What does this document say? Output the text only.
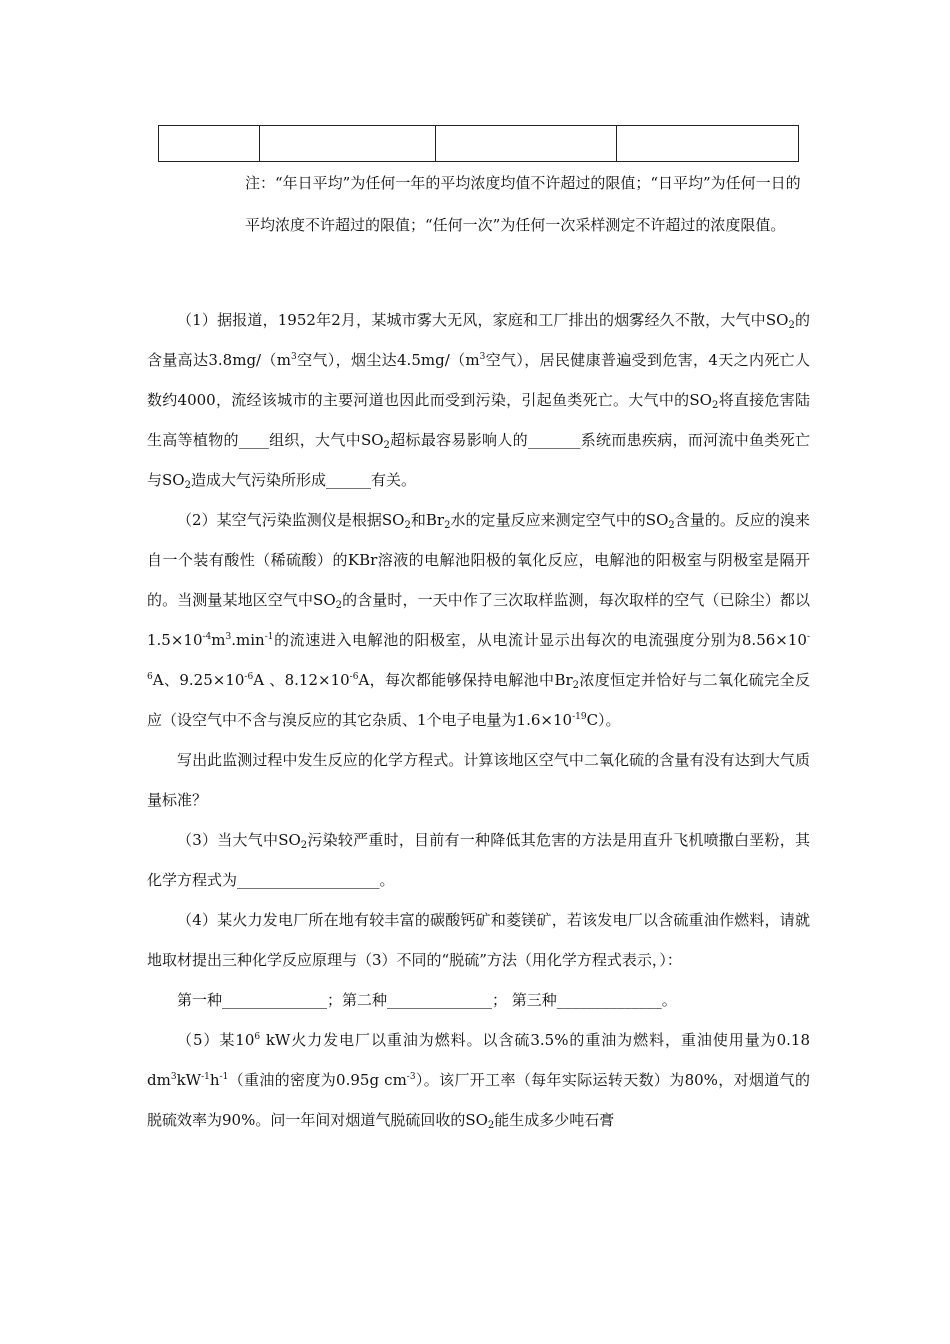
注：“年日平均”为任何一年的平均浓度均值不许超过的限值；“日平均”为任何一日的平均浓度不许超过的限值；“任何一次”为任何一次采样测定不许超过的浓度限值。

（1）据报道，1952年2月，某城市雾大无风，家庭和工厂排出的烟雾经久不散，大气中$SO_2$的含量高达$3.8mg/(m^3$空气），烟尘达$4.5mg/(m^3$空气），居民健康普遍受到危害，4天之内死亡人数约4000，流经该城市的主要河道也因此而受到污染，引起鱼类死亡。大气中的$SO_2$将直接危害陆生高等植物的____组织，大气中$SO_2$超标最容易影响人的_______系统而患疾病，而河流中鱼类死亡与$SO_2$造成大气污染所形成______有关。

（2）某空气污染监测仪是根据$SO_2$和$Br_2$水的定量反应来测定空气中的$SO_2$含量的。反应的溴来自一个装有酸性（稀硫酸）的KBr溶液的电解池阳极的氧化反应，电解池的阳极室与阴极室是隔开的。当测量某地区空气中$SO_2$的含量时，一天中作了三次取样监测，每次取样的空气（已除尘）都以$1.5\times 10^{-4}m^3.\min^{-1}$的流速进入电解池的阳极室，从电流计显示出每次的电流强度分别为$8.56\times 10^{-6}A$、$9.25\times 10^{-6}A$ 、$8.12\times 10^{-6}A$，每次都能够保持电解池中$Br_2$浓度恒定并恰好与二氧化硫完全反应（设空气中不含与溴反应的其它杂质、1个电子电量为$1.6\times 10^{-19}C$）。

写出此监测过程中发生反应的化学方程式。计算该地区空气中二氧化硫的含量有没有达到大气质量标准？

（3）当大气中$SO_2$污染较严重时，目前有一种降低其危害的方法是用直升飞机喷撒白垩粉，其化学方程式为___________________。

（4）某火力发电厂所在地有较丰富的碳酸钙矿和菱镁矿，若该发电厂以含硫重油作燃料，请就地取材提出三种化学反应原理与（3）不同的“脱硫”方法（用化学方程式表示，）：

第一种______________；第二种______________； 第三种______________。

（5）某$10^6$ kW火力发电厂以重油为燃料。以含硫3.5%的重油为燃料，重油使用量为0.18 $dm^3kW^{-1}h^{-1}$（重油的密度为0.95g $cm^{-3}$）。该厂开工率（每年实际运转天数）为80%，对烟道气的脱硫效率为90%。问一年间对烟道气脱硫回收的$SO_2$能生成多少吨石膏
